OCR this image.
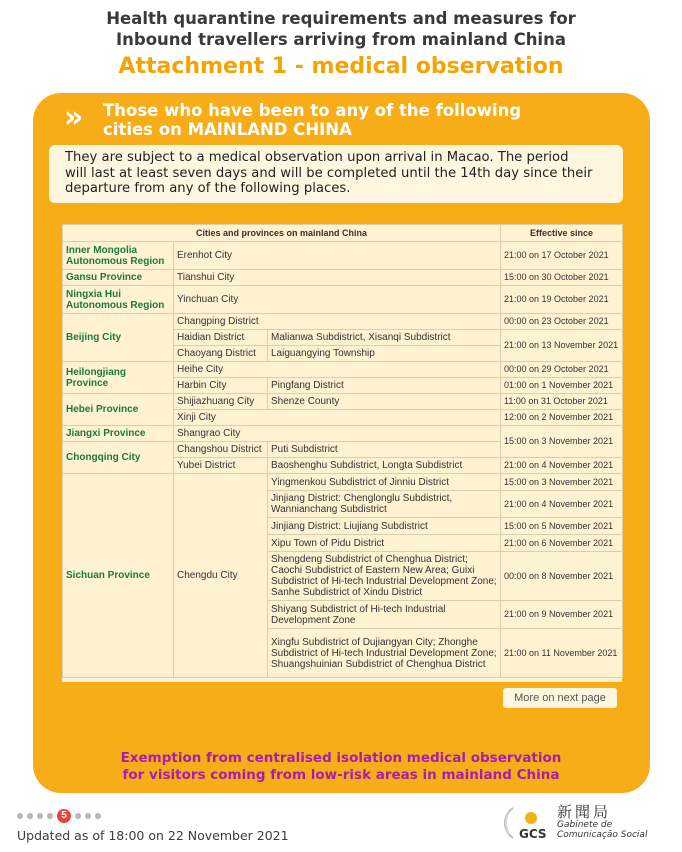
Health quarantine requirements and measures for
Inbound travellers arriving from mainland China
Attachment 1 - medical observation
» Those who have been to any of the following
cities on MAINLAND CHINA
They are subject to a medical observation upon arrival in Macao. The period
will last at least seven days and will be completed until the 14th day since their
departure from any of the following places.
Cities and provinces on mainland China			Effective since
Inner Mongolia Autonomous Region	Erenhot City		21:00 on 17 October 2021
Gansu Province	Tianshui City		15:00 on 30 October 2021
Ningxia Hui Autonomous Region	Yinchuan City		21:00 on 19 October 2021
Beijing City	Changping District		00:00 on 23 October 2021
	Haidian District	Malianwa Subdistrict, Xisanqi Subdistrict	21:00 on 13 November 2021
	Chaoyang District	Laiguangying Township	
Heilongjiang Province	Heihe City		00:00 on 29 October 2021
	Harbin City	Pingfang District	01:00 on 1 November 2021
Hebei Province	Shijiazhuang City	Shenze County	11:00 on 31 October 2021
	Xinji City		12:00 on 2 November 2021
Jiangxi Province	Shangrao City		15:00 on 3 November 2021
Chongqing City	Changshou District	Puti Subdistrict	
	Yubei District	Baoshenghu Subdistrict, Longta Subdistrict	21:00 on 4 November 2021
Sichuan Province	Chengdu City	Yingmenkou Subdistrict of Jinniu District	15:00 on 3 November 2021
		Jinjiang District: Chenglonglu Subdistrict, Wannianchang Subdistrict	21:00 on 4 November 2021
		Jinjiang District: Liujiang Subdistrict	15:00 on 5 November 2021
		Xipu Town of Pidu District	21:00 on 6 November 2021
		Shengdeng Subdistrict of Chenghua District; Caochi Subdistrict of Eastern New Area; Guixi Subdistrict of Hi-tech Industrial Development Zone; Sanhe Subdistrict of Xindu District	00:00 on 8 November 2021
		Shiyang Subdistrict of Hi-tech Industrial Development Zone	21:00 on 9 November 2021
		Xingfu Subdistrict of Dujiangyan City; Zhonghe Subdistrict of Hi-tech Industrial Development Zone; Shuangshuinian Subdistrict of Chenghua District	21:00 on 11 November 2021
More on next page
Exemption from centralised isolation medical observation
for visitors coming from low-risk areas in mainland China
5
Updated as of 18:00 on 22 November 2021	GCS
新聞局
Gabinete de
Comunicação Social
